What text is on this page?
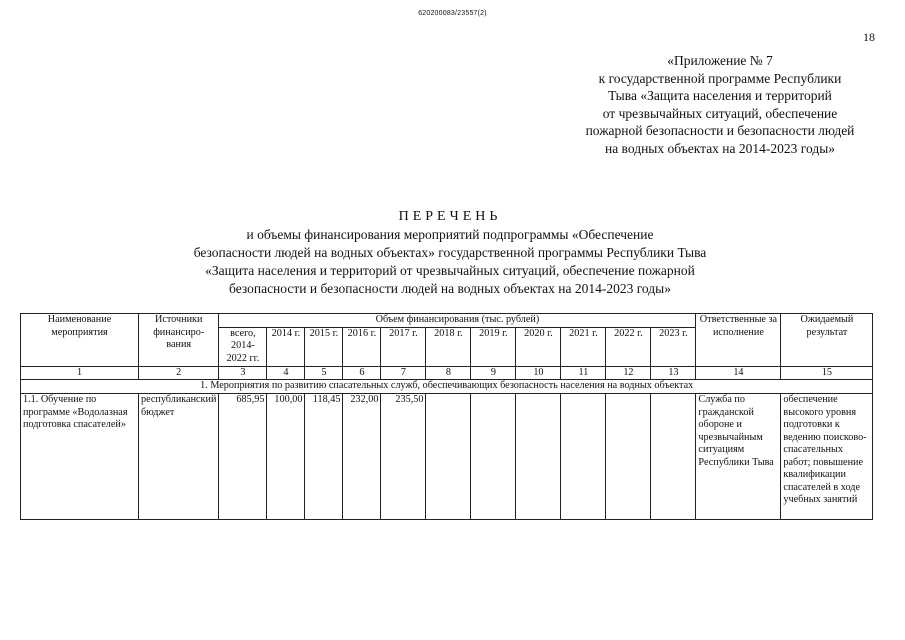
620200083/23557(2)
18
«Приложение № 7
к государственной программе Республики
Тыва «Защита населения и территорий
от чрезвычайных ситуаций, обеспечение
пожарной безопасности и безопасности людей
на водных объектах на 2014-2023 годы»
ПЕРЕЧЕНЬ
и объемы финансирования мероприятий подпрограммы «Обеспечение
безопасности людей на водных объектах» государственной программы Республики Тыва
«Защита населения и территорий от чрезвычайных ситуаций, обеспечение пожарной
безопасности и безопасности людей на водных объектах на 2014-2023 годы»
Наименование мероприятия	Источники финансиро-вания	Объем финансирования (тыс. рублей)											Ответственные за исполнение	Ожидаемый результат
		всего, 2014-2022 гг.	2014 г.	2015 г.	2016 г.	2017 г.	2018 г.	2019 г.	2020 г.	2021 г.	2022 г.	2023 г.		
1	2	3	4	5	6	7	8	9	10	11	12	13	14	15
1. Мероприятия по развитию спасательных служб, обеспечивающих безопасность населения на водных объектах														
1.1. Обучение по программе «Водолазная подготовка спасателей»	республиканский бюджет	685,95	100,00	118,45	232,00	235,50							Служба по гражданской обороне и чрезвычайным ситуациям Республики Тыва	обеспечение высокого уровня подготовки к ведению поисково-спасательных работ; повышение квалификации спасателей в ходе учебных занятий
